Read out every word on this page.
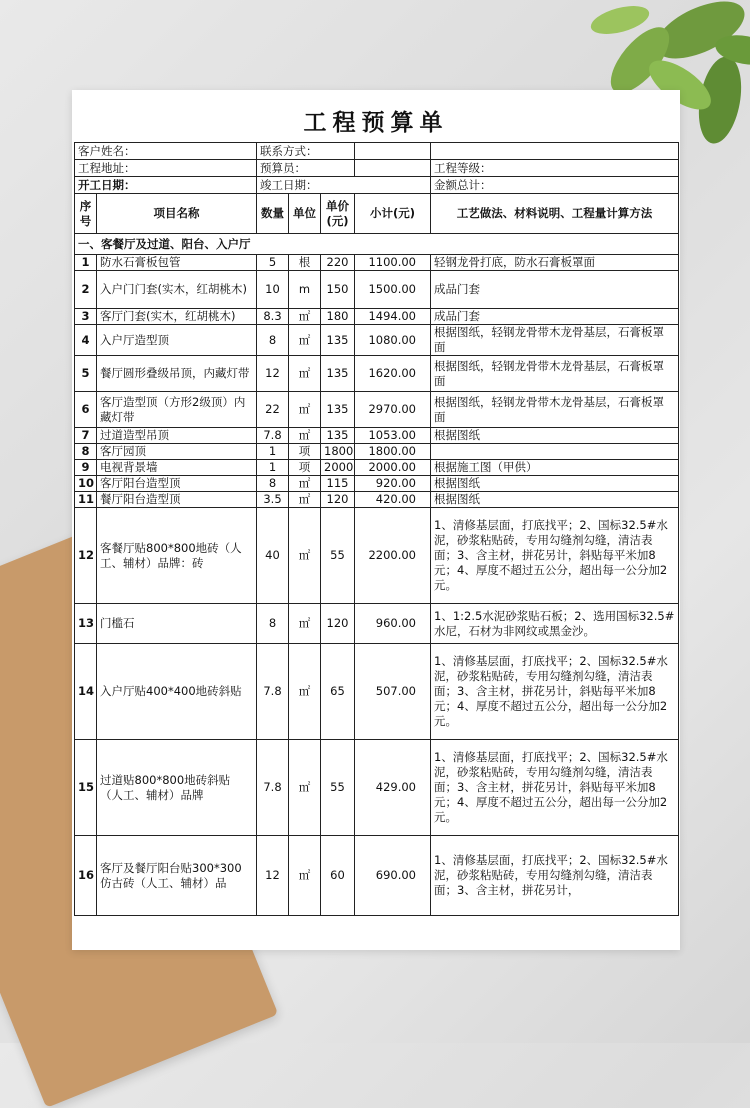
工程预算单
客户姓名：		联系方式：				
工程地址：		预算员：				工程等级：
开工日期：		竣工日期：				金额总计：
序号	项目名称	数量	单位	单价(元)	小计(元)	工艺做法、材料说明、工程量计算方法
一、客餐厅及过道、阳台、入户厅						
1	防水石膏板包管	5	根	220	1100.00	轻钢龙骨打底，防水石膏板罩面
2	入户门门套(实木，红胡桃木)	10	m	150	1500.00	成品门套
3	客厅门套(实木，红胡桃木)	8.3	㎡	180	1494.00	成品门套
4	入户厅造型顶	8	㎡	135	1080.00	根据图纸，轻钢龙骨带木龙骨基层，石膏板罩面
5	餐厅圆形叠级吊顶，内藏灯带	12	㎡	135	1620.00	根据图纸，轻钢龙骨带木龙骨基层，石膏板罩面
6	客厅造型顶（方形2级顶）内藏灯带	22	㎡	135	2970.00	根据图纸，轻钢龙骨带木龙骨基层，石膏板罩面
7	过道造型吊顶	7.8	㎡	135	1053.00	根据图纸
8	客厅园顶	1	项	1800	1800.00	
9	电视背景墙	1	项	2000	2000.00	根据施工图（甲供）
10	客厅阳台造型顶	8	㎡	115	920.00	根据图纸
11	餐厅阳台造型顶	3.5	㎡	120	420.00	根据图纸
12	客餐厅贴800*800地砖（人工、辅材）品牌：砖	40	㎡	55	2200.00	1、清修基层面，打底找平；2、国标32.5#水泥，砂浆粘贴砖，专用勾缝剂勾缝，清洁表面；3、含主材，拼花另计，斜贴每平米加8元；4、厚度不超过五公分，超出每一公分加2元。
13	门槛石	8	㎡	120	960.00	1、1:2.5水泥砂浆贴石板；2、选用国标32.5#水尼，石材为非网纹或黑金沙。
14	入户厅贴400*400地砖斜贴	7.8	㎡	65	507.00	1、清修基层面，打底找平；2、国标32.5#水泥，砂浆粘贴砖，专用勾缝剂勾缝，清洁表面；3、含主材，拼花另计，斜贴每平米加8元；4、厚度不超过五公分，超出每一公分加2元。
15	过道贴800*800地砖斜贴（人工、辅材）品牌	7.8	㎡	55	429.00	1、清修基层面，打底找平；2、国标32.5#水泥，砂浆粘贴砖，专用勾缝剂勾缝，清洁表面；3、含主材，拼花另计，斜贴每平米加8元；4、厚度不超过五公分，超出每一公分加2元。
16	客厅及餐厅阳台贴300*300仿古砖（人工、辅材）品	12	㎡	60	690.00	1、清修基层面，打底找平；2、国标32.5#水泥，砂浆粘贴砖，专用勾缝剂勾缝，清洁表面；3、含主材，拼花另计，
